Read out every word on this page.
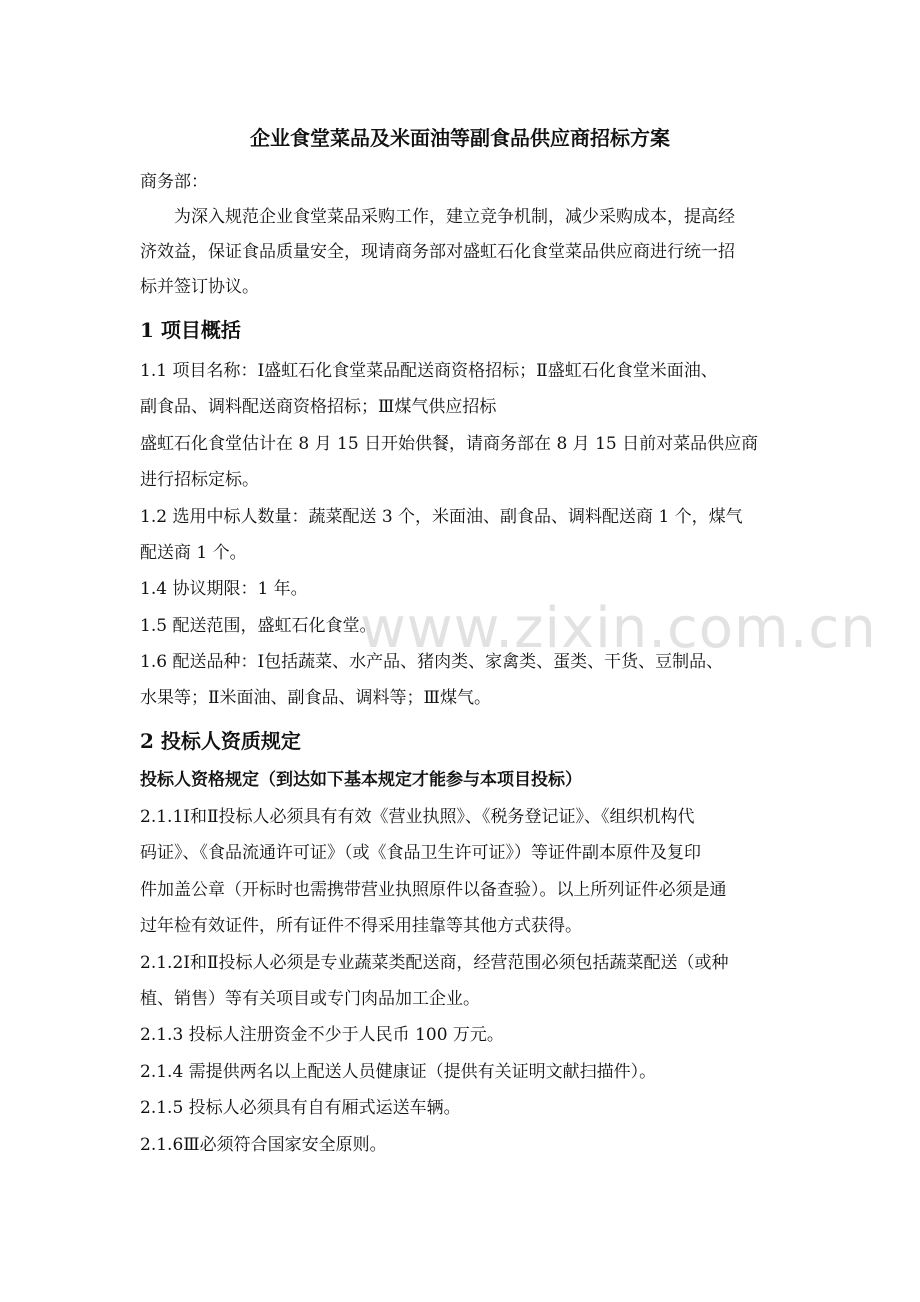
企业食堂菜品及米面油等副食品供应商招标方案
商务部：
为深入规范企业食堂菜品采购工作，建立竞争机制，减少采购成本，提高经
济效益，保证食品质量安全，现请商务部对盛虹石化食堂菜品供应商进行统一招
标并签订协议。
1 项目概括
1.1 项目名称：Ⅰ盛虹石化食堂菜品配送商资格招标；Ⅱ盛虹石化食堂米面油、
副食品、调料配送商资格招标；Ⅲ煤气供应招标
盛虹石化食堂估计在 8 月 15 日开始供餐，请商务部在 8 月 15 日前对菜品供应商
进行招标定标。
1.2 选用中标人数量：蔬菜配送 3 个，米面油、副食品、调料配送商 1 个，煤气
配送商 1 个。
1.4 协议期限：1 年。
1.5 配送范围，盛虹石化食堂。
1.6 配送品种：Ⅰ包括蔬菜、水产品、猪肉类、家禽类、蛋类、干货、豆制品、
水果等；Ⅱ米面油、副食品、调料等；Ⅲ煤气。
2 投标人资质规定
投标人资格规定（到达如下基本规定才能参与本项目投标）
2.1.1Ⅰ和Ⅱ投标人必须具有有效《营业执照》、《税务登记证》、《组织机构代
码证》、《食品流通许可证》（或《食品卫生许可证》）等证件副本原件及复印
件加盖公章（开标时也需携带营业执照原件以备查验）。以上所列证件必须是通
过年检有效证件，所有证件不得采用挂靠等其他方式获得。
2.1.2Ⅰ和Ⅱ投标人必须是专业蔬菜类配送商，经营范围必须包括蔬菜配送（或种
植、销售）等有关项目或专门肉品加工企业。
2.1.3 投标人注册资金不少于人民币 100 万元。
2.1.4 需提供两名以上配送人员健康证（提供有关证明文献扫描件）。
2.1.5 投标人必须具有自有厢式运送车辆。
2.1.6Ⅲ必须符合国家安全原则。
www.zixin.com.cn
